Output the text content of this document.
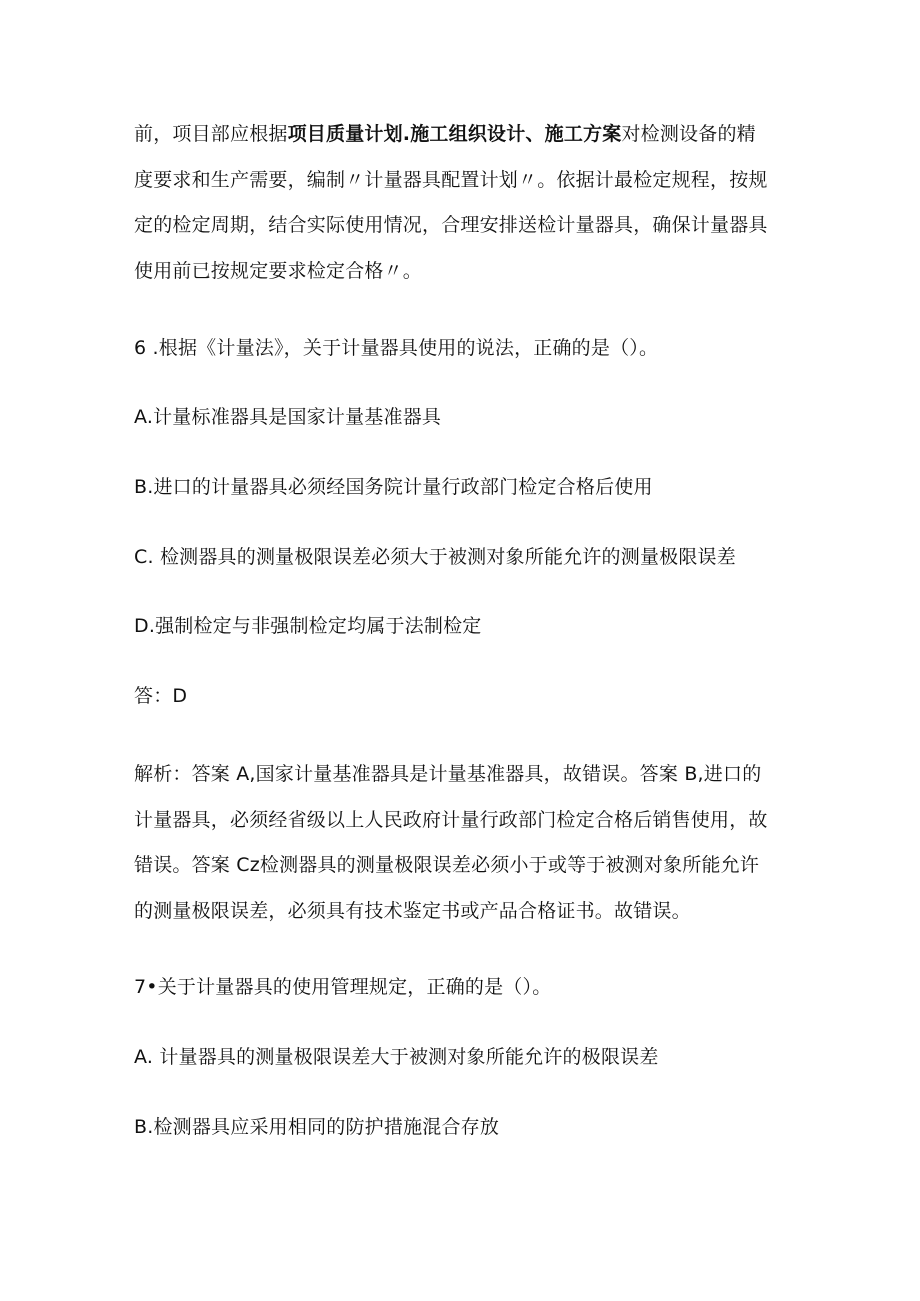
前，项目部应根据项目质量计划.施工组织设计、施工方案对检测设备的精
度要求和生产需要，编制〃计量器具配置计划〃。依据计最检定规程，按规
定的检定周期，结合实际使用情况，合理安排送检计量器具，确保计量器具
使用前已按规定要求检定合格〃。
6 .根据《计量法》，关于计量器具使用的说法，正确的是（）。
A.计量标准器具是国家计量基准器具
B.进口的计量器具必须经国务院计量行政部门检定合格后使用
C. 检测器具的测量极限误差必须大于被测对象所能允许的测量极限误差
D.强制检定与非强制检定均属于法制检定
答：D
解析：答案 A,国家计量基准器具是计量基准器具，故错误。答案 B,进口的
计量器具，必须经省级以上人民政府计量行政部门检定合格后销售使用，故
错误。答案 Cz检测器具的测量极限误差必须小于或等于被测对象所能允许
的测量极限误差，必须具有技术鉴定书或产品合格证书。故错误。
7•关于计量器具的使用管理规定，正确的是（）。
A. 计量器具的测量极限误差大于被测对象所能允许的极限误差
B.检测器具应采用相同的防护措施混合存放
